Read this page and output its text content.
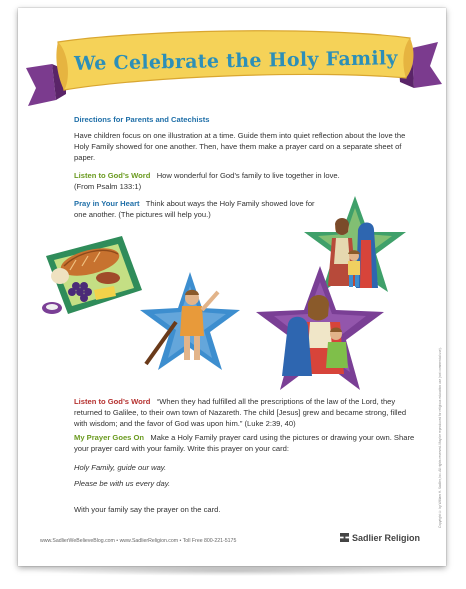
We Celebrate the Holy Family
Directions for Parents and Catechists
Have children focus on one illustration at a time. Guide them into quiet reflection about the love the Holy Family showed for one another. Then, have them make a prayer card on a separate sheet of paper.
Listen to God’s Word How wonderful for God’s family to live together in love.
(From Psalm 133:1)
Pray in Your Heart Think about ways the Holy Family showed love for one another. (The pictures will help you.)
Listen to God’s Word “When they had fulfilled all the prescriptions of the law of the Lord, they returned to Galilee, to their own town of Nazareth. The child [Jesus] grew and became strong, filled with wisdom; and the favor of God was upon him.” (Luke 2:39, 40)
My Prayer Goes On Make a Holy Family prayer card using the pictures or drawing your own. Share your prayer card with your family. Write this prayer on your card:
Holy Family, guide our way.
Please be with us every day.
With your family say the prayer on the card.
www.SadlierWeBelieveBlog.com • www.SadlierReligion.com • Toll Free 800-221-5175	Sadlier Religion
Copyright © by William H. Sadlier, Inc. All rights reserved. May be reproduced for religious education use (not commercial use).
